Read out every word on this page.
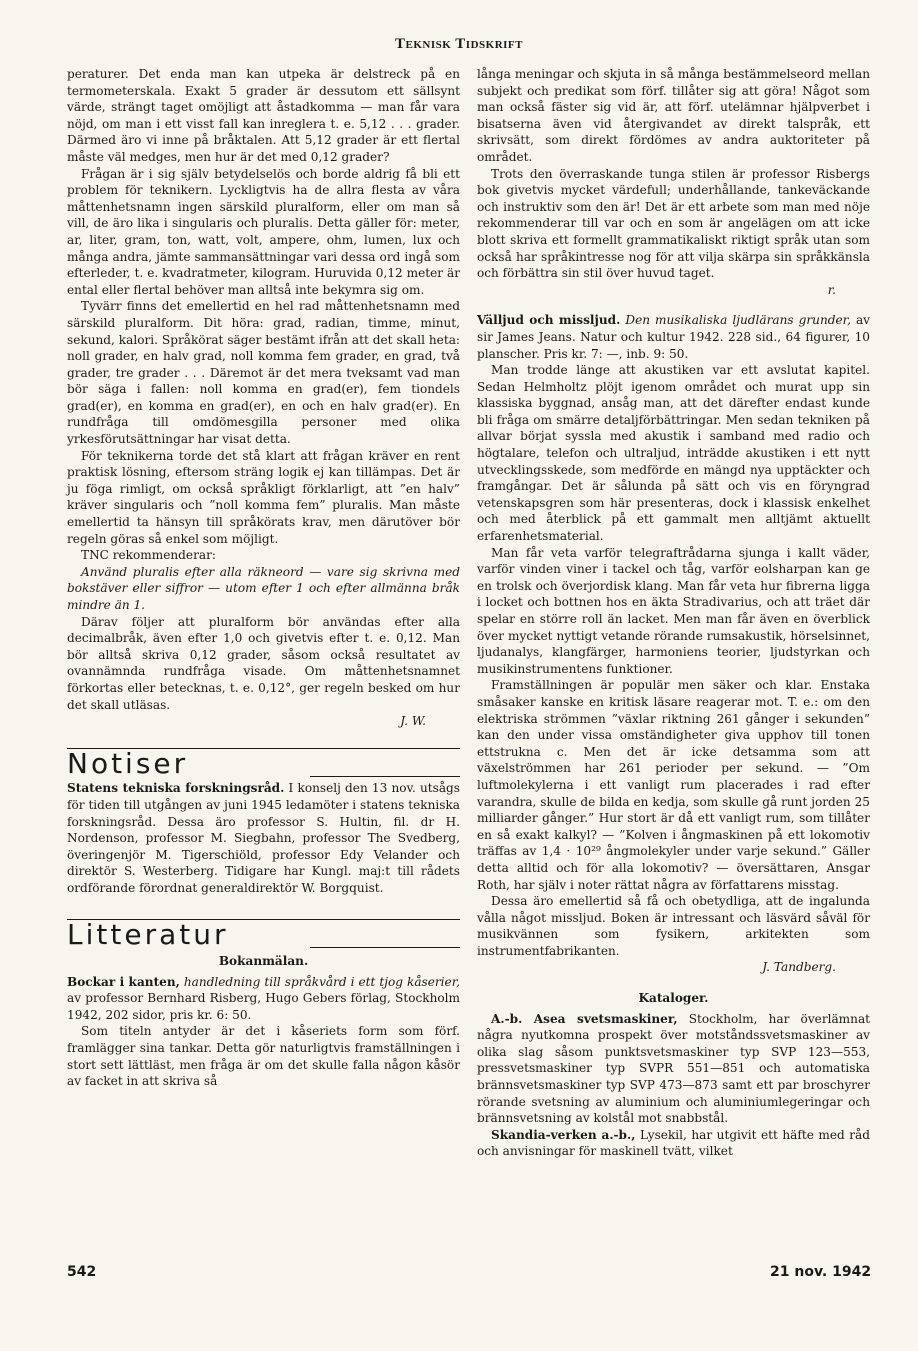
Teknisk Tidskrift

peraturer. Det enda man kan utpeka är delstreck på en termometerskala. Exakt 5 grader är dessutom ett sällsynt värde, strängt taget omöjligt att åstadkomma — man får vara nöjd, om man i ett visst fall kan inreglera t. e. 5,12 . . . grader. Därmed äro vi inne på bråktalen. Att 5,12 grader är ett flertal måste väl medges, men hur är det med 0,12 grader?

Frågan är i sig själv betydelselös och borde aldrig få bli ett problem för teknikern. Lyckligtvis ha de allra flesta av våra måttenhetsnamn ingen särskild pluralform, eller om man så vill, de äro lika i singularis och pluralis. Detta gäller för: meter, ar, liter, gram, ton, watt, volt, ampere, ohm, lumen, lux och många andra, jämte sammansättningar vari dessa ord ingå som efterleder, t. e. kvadratmeter, kilogram. Huruvida 0,12 meter är ental eller flertal behöver man alltså inte bekymra sig om.

Tyvärr finns det emellertid en hel rad måttenhetsnamn med särskild pluralform. Dit höra: grad, radian, timme, minut, sekund, kalori. Språkörat säger bestämt ifrån att det skall heta: noll grader, en halv grad, noll komma fem grader, en grad, två grader, tre grader . . . Däremot är det mera tveksamt vad man bör säga i fallen: noll komma en grad(er), fem tiondels grad(er), en komma en grad(er), en och en halv grad(er). En rundfråga till omdömesgilla personer med olika yrkesförutsättningar har visat detta.

För teknikerna torde det stå klart att frågan kräver en rent praktisk lösning, eftersom sträng logik ej kan tillämpas. Det är ju föga rimligt, om också språkligt förklarligt, att ”en halv” kräver singularis och ”noll komma fem” pluralis. Man måste emellertid ta hänsyn till språkörats krav, men därutöver bör regeln göras så enkel som möjligt.

TNC rekommenderar:

Använd pluralis efter alla räkneord — vare sig skrivna med bokstäver eller siffror — utom efter 1 och efter allmänna bråk mindre än 1.

Därav följer att pluralform bör användas efter alla decimalbråk, även efter 1,0 och givetvis efter t. e. 0,12. Man bör alltså skriva 0,12 grader, såsom också resultatet av ovannämnda rundfråga visade. Om måttenhetsnamnet förkortas eller betecknas, t. e. 0,12°, ger regeln besked om hur det skall utläsas.

J. W.

Notiser

Statens tekniska forskningsråd. I konselj den 13 nov. utsågs för tiden till utgången av juni 1945 ledamöter i statens tekniska forskningsråd. Dessa äro professor S. Hultin, fil. dr H. Nordenson, professor M. Siegbahn, professor The Svedberg, överingenjör M. Tigerschiöld, professor Edy Velander och direktör S. Westerberg. Tidigare har Kungl. maj:t till rådets ordförande förordnat generaldirektör W. Borgquist.

Litteratur

Bokanmälan.

Bockar i kanten, handledning till språkvård i ett tjog kåserier, av professor Bernhard Risberg, Hugo Gebers förlag, Stockholm 1942, 202 sidor, pris kr. 6: 50.

Som titeln antyder är det i kåseriets form som förf. framlägger sina tankar. Detta gör naturligtvis framställningen i stort sett lättläst, men fråga är om det skulle falla någon kåsör av facket in att skriva så

långa meningar och skjuta in så många bestämmelseord mellan subjekt och predikat som förf. tillåter sig att göra! Något som man också fäster sig vid är, att förf. utelämnar hjälpverbet i bisatserna även vid återgivandet av direkt talspråk, ett skrivsätt, som direkt fördömes av andra auktoriteter på området.

Trots den överraskande tunga stilen är professor Risbergs bok givetvis mycket värdefull; underhållande, tankeväckande och instruktiv som den är! Det är ett arbete som man med nöje rekommenderar till var och en som är angelägen om att icke blott skriva ett formellt grammatikaliskt riktigt språk utan som också har språkintresse nog för att vilja skärpa sin språkkänsla och förbättra sin stil över huvud taget.

r.

Välljud och missljud. Den musikaliska ljudlärans grunder, av sir James Jeans. Natur och kultur 1942. 228 sid., 64 figurer, 10 planscher. Pris kr. 7: —, inb. 9: 50.

Man trodde länge att akustiken var ett avslutat kapitel. Sedan Helmholtz plöjt igenom området och murat upp sin klassiska byggnad, ansåg man, att det därefter endast kunde bli fråga om smärre detaljförbättringar. Men sedan tekniken på allvar börjat syssla med akustik i samband med radio och högtalare, telefon och ultraljud, inträdde akustiken i ett nytt utvecklingsskede, som medförde en mängd nya upptäckter och framgångar. Det är sålunda på sätt och vis en föryngrad vetenskapsgren som här presenteras, dock i klassisk enkelhet och med återblick på ett gammalt men alltjämt aktuellt erfarenhetsmaterial.

Man får veta varför telegraftrådarna sjunga i kallt väder, varför vinden viner i tackel och tåg, varför eolsharpan kan ge en trolsk och överjordisk klang. Man får veta hur fibrerna ligga i locket och bottnen hos en äkta Stradivarius, och att träet där spelar en större roll än lacket. Men man får även en överblick över mycket nyttigt vetande rörande rumsakustik, hörselsinnet, ljudanalys, klangfärger, harmoniens teorier, ljudstyrkan och musikinstrumentens funktioner.

Framställningen är populär men säker och klar. Enstaka småsaker kanske en kritisk läsare reagerar mot. T. e.: om den elektriska strömmen ”växlar riktning 261 gånger i sekunden” kan den under vissa omständigheter giva upphov till tonen ettstrukna c. Men det är icke detsamma som att växelströmmen har 261 perioder per sekund. — ”Om luftmolekylerna i ett vanligt rum placerades i rad efter varandra, skulle de bilda en kedja, som skulle gå runt jorden 25 milliarder gånger.” Hur stort är då ett vanligt rum, som tillåter en så exakt kalkyl? — ”Kolven i ångmaskinen på ett lokomotiv träffas av 1,4 · 10²⁹ ångmolekyler under varje sekund.” Gäller detta alltid och för alla lokomotiv? — översättaren, Ansgar Roth, har själv i noter rättat några av författarens misstag.

Dessa äro emellertid så få och obetydliga, att de ingalunda vålla något missljud. Boken är intressant och läsvärd såväl för musikvännen som fysikern, arkitekten som instrumentfabrikanten.

J. Tandberg.

Kataloger.

A.-b. Asea svetsmaskiner, Stockholm, har överlämnat några nyutkomna prospekt över motståndssvetsmaskiner av olika slag såsom punktsvetsmaskiner typ SVP 123—553, pressvetsmaskiner typ SVPR 551—851 och automatiska brännsvetsmaskiner typ SVP 473—873 samt ett par broschyrer rörande svetsning av aluminium och aluminiumlegeringar och brännsvetsning av kolstål mot snabbstål.

Skandia-verken a.-b., Lysekil, har utgivit ett häfte med råd och anvisningar för maskinell tvätt, vilket

542	21 nov. 1942
